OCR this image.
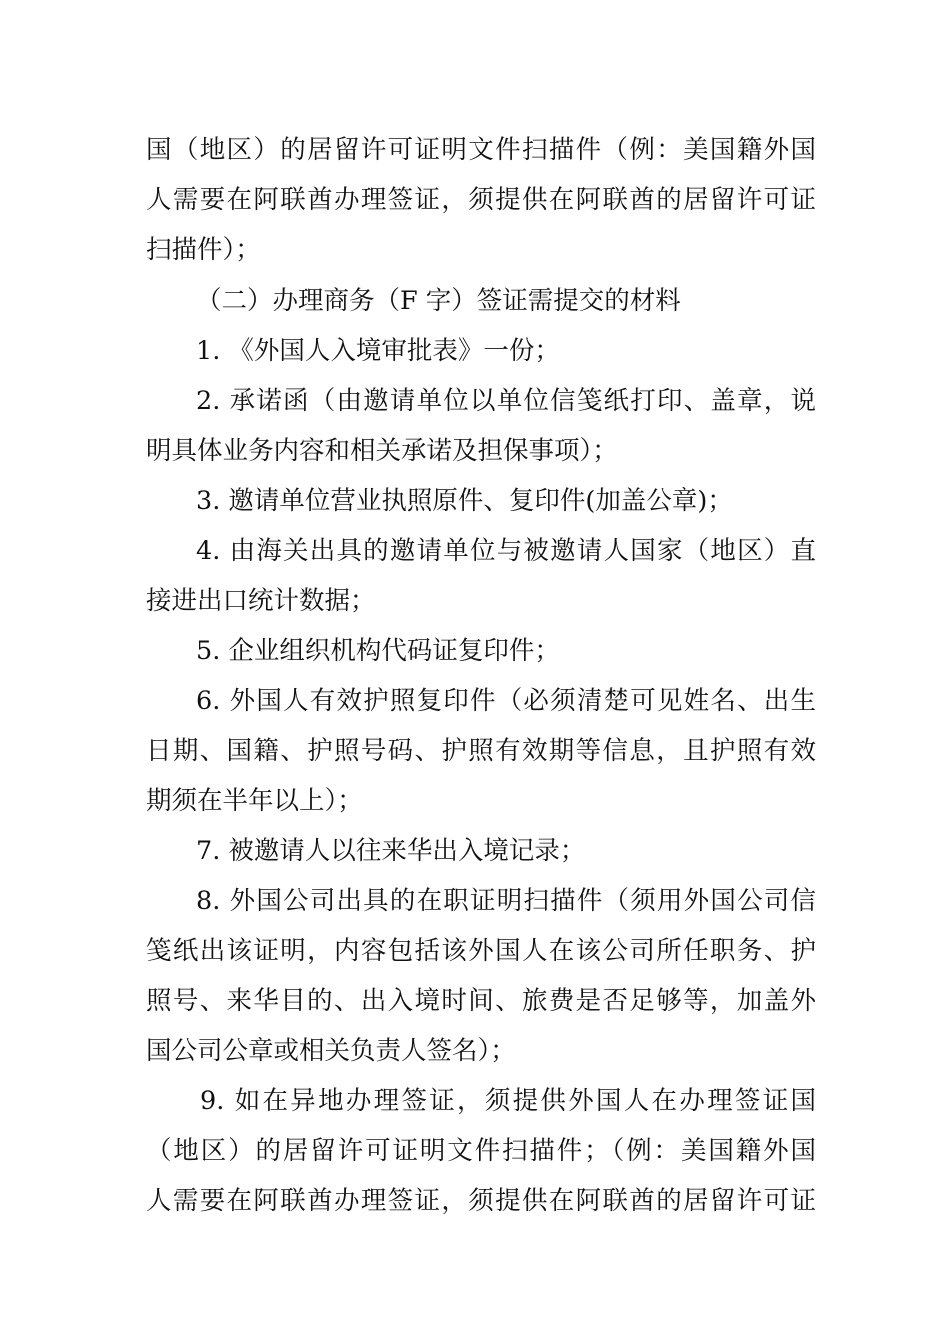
国（地区）的居留许可证明文件扫描件（例：美国籍外国
人需要在阿联酋办理签证，须提供在阿联酋的居留许可证
扫描件）；
（二）办理商务（F 字）签证需提交的材料
1. 《外国人入境审批表》一份；
2. 承诺函（由邀请单位以单位信笺纸打印、盖章，说
明具体业务内容和相关承诺及担保事项）；
3. 邀请单位营业执照原件、复印件(加盖公章)；
4. 由海关出具的邀请单位与被邀请人国家（地区）直
接进出口统计数据；
5. 企业组织机构代码证复印件；
6. 外国人有效护照复印件（必须清楚可见姓名、出生
日期、国籍、护照号码、护照有效期等信息，且护照有效
期须在半年以上）；
7. 被邀请人以往来华出入境记录；
8. 外国公司出具的在职证明扫描件（须用外国公司信
笺纸出该证明，内容包括该外国人在该公司所任职务、护
照号、来华目的、出入境时间、旅费是否足够等，加盖外
国公司公章或相关负责人签名）；
9. 如在异地办理签证，须提供外国人在办理签证国
（地区）的居留许可证明文件扫描件；（例：美国籍外国
人需要在阿联酋办理签证，须提供在阿联酋的居留许可证
